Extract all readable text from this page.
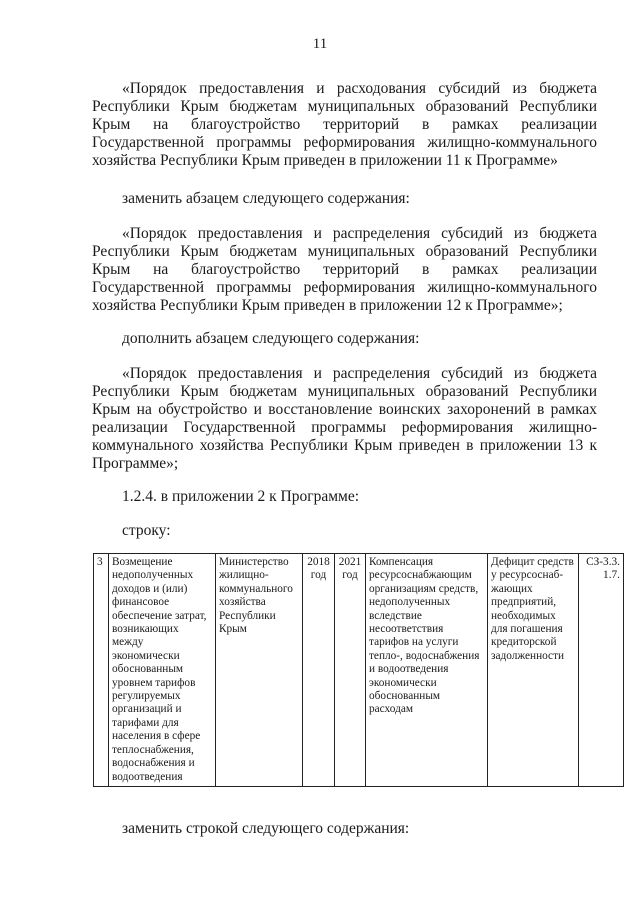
11

«Порядок предоставления и расходования субсидий из бюджета Республики Крым бюджетам муниципальных образований Республики Крым на благоустройство территорий в рамках реализации Государственной программы реформирования жилищно-коммунального хозяйства Республики Крым приведен в приложении 11 к Программе»

заменить абзацем следующего содержания:

«Порядок предоставления и распределения субсидий из бюджета Республики Крым бюджетам муниципальных образований Республики Крым на благоустройство территорий в рамках реализации Государственной программы реформирования жилищно-коммунального хозяйства Республики Крым приведен в приложении 12 к Программе»;

дополнить абзацем следующего содержания:

«Порядок предоставления и распределения субсидий из бюджета Республики Крым бюджетам муниципальных образований Республики Крым на обустройство и восстановление воинских захоронений в рамках реализации Государственной программы реформирования жилищно-коммунального хозяйства Республики Крым приведен в приложении 13 к Программе»;

1.2.4. в приложении 2 к Программе:

строку:

3	Возмещение недополученных доходов и (или) финансовое обеспечение затрат, возникающих между экономически обоснованным уровнем тарифов регулируемых организаций и тарифами для населения в сфере теплоснабжения, водоснабжения и водоотведения	Министерство жилищно-коммунального хозяйства Республики Крым	2018 год	2021 год	Компенсация ресурсоснабжающим организациям средств, недополученных вследствие несоответствия тарифов на услуги тепло-, водоснабжения и водоотведения экономически обоснованным расходам	Дефицит средств у ресурсоснаб-жающих предприятий, необходимых для погашения кредиторской задолженности	СЗ-3.3.1.7.

заменить строкой следующего содержания:
